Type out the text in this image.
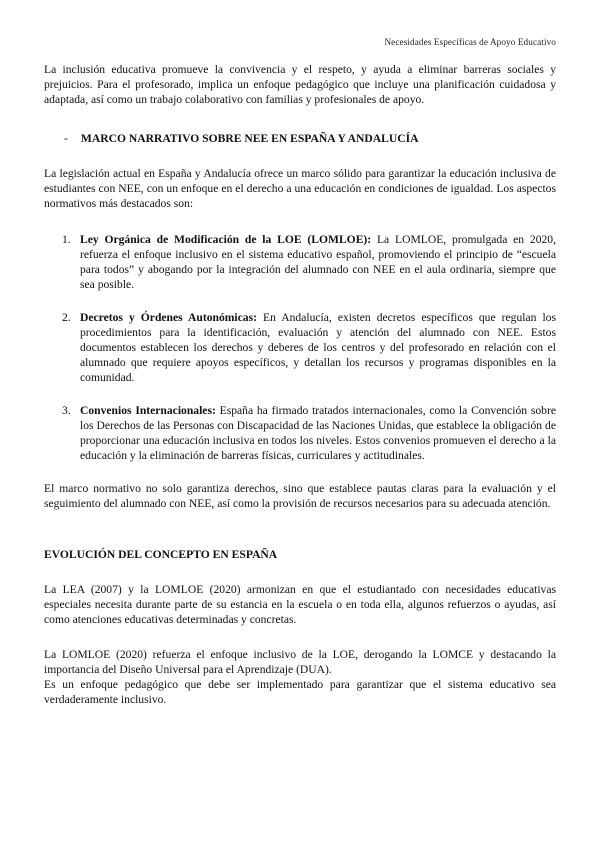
Necesidades Específicas de Apoyo Educativo

La inclusión educativa promueve la convivencia y el respeto, y ayuda a eliminar barreras sociales y prejuicios. Para el profesorado, implica un enfoque pedagógico que incluye una planificación cuidadosa y adaptada, así como un trabajo colaborativo con familias y profesionales de apoyo.

- MARCO NARRATIVO SOBRE NEE EN ESPAÑA Y ANDALUCÍA

La legislación actual en España y Andalucía ofrece un marco sólido para garantizar la educación inclusiva de estudiantes con NEE, con un enfoque en el derecho a una educación en condiciones de igualdad. Los aspectos normativos más destacados son:

1. Ley Orgánica de Modificación de la LOE (LOMLOE): La LOMLOE, promulgada en 2020, refuerza el enfoque inclusivo en el sistema educativo español, promoviendo el principio de “escuela para todos” y abogando por la integración del alumnado con NEE en el aula ordinaria, siempre que sea posible.

2. Decretos y Órdenes Autonómicas: En Andalucía, existen decretos específicos que regulan los procedimientos para la identificación, evaluación y atención del alumnado con NEE. Estos documentos establecen los derechos y deberes de los centros y del profesorado en relación con el alumnado que requiere apoyos específicos, y detallan los recursos y programas disponibles en la comunidad.

3. Convenios Internacionales: España ha firmado tratados internacionales, como la Convención sobre los Derechos de las Personas con Discapacidad de las Naciones Unidas, que establece la obligación de proporcionar una educación inclusiva en todos los niveles. Estos convenios promueven el derecho a la educación y la eliminación de barreras físicas, curriculares y actitudinales.

El marco normativo no solo garantiza derechos, sino que establece pautas claras para la evaluación y el seguimiento del alumnado con NEE, así como la provisión de recursos necesarios para su adecuada atención.

EVOLUCIÓN DEL CONCEPTO EN ESPAÑA

La LEA (2007) y la LOMLOE (2020) armonizan en que el estudiantado con necesidades educativas especiales necesita durante parte de su estancia en la escuela o en toda ella, algunos refuerzos o ayudas, así como atenciones educativas determinadas y concretas.

La LOMLOE (2020) refuerza el enfoque inclusivo de la LOE, derogando la LOMCE y destacando la importancia del Diseño Universal para el Aprendizaje (DUA).

Es un enfoque pedagógico que debe ser implementado para garantizar que el sistema educativo sea verdaderamente inclusivo.
